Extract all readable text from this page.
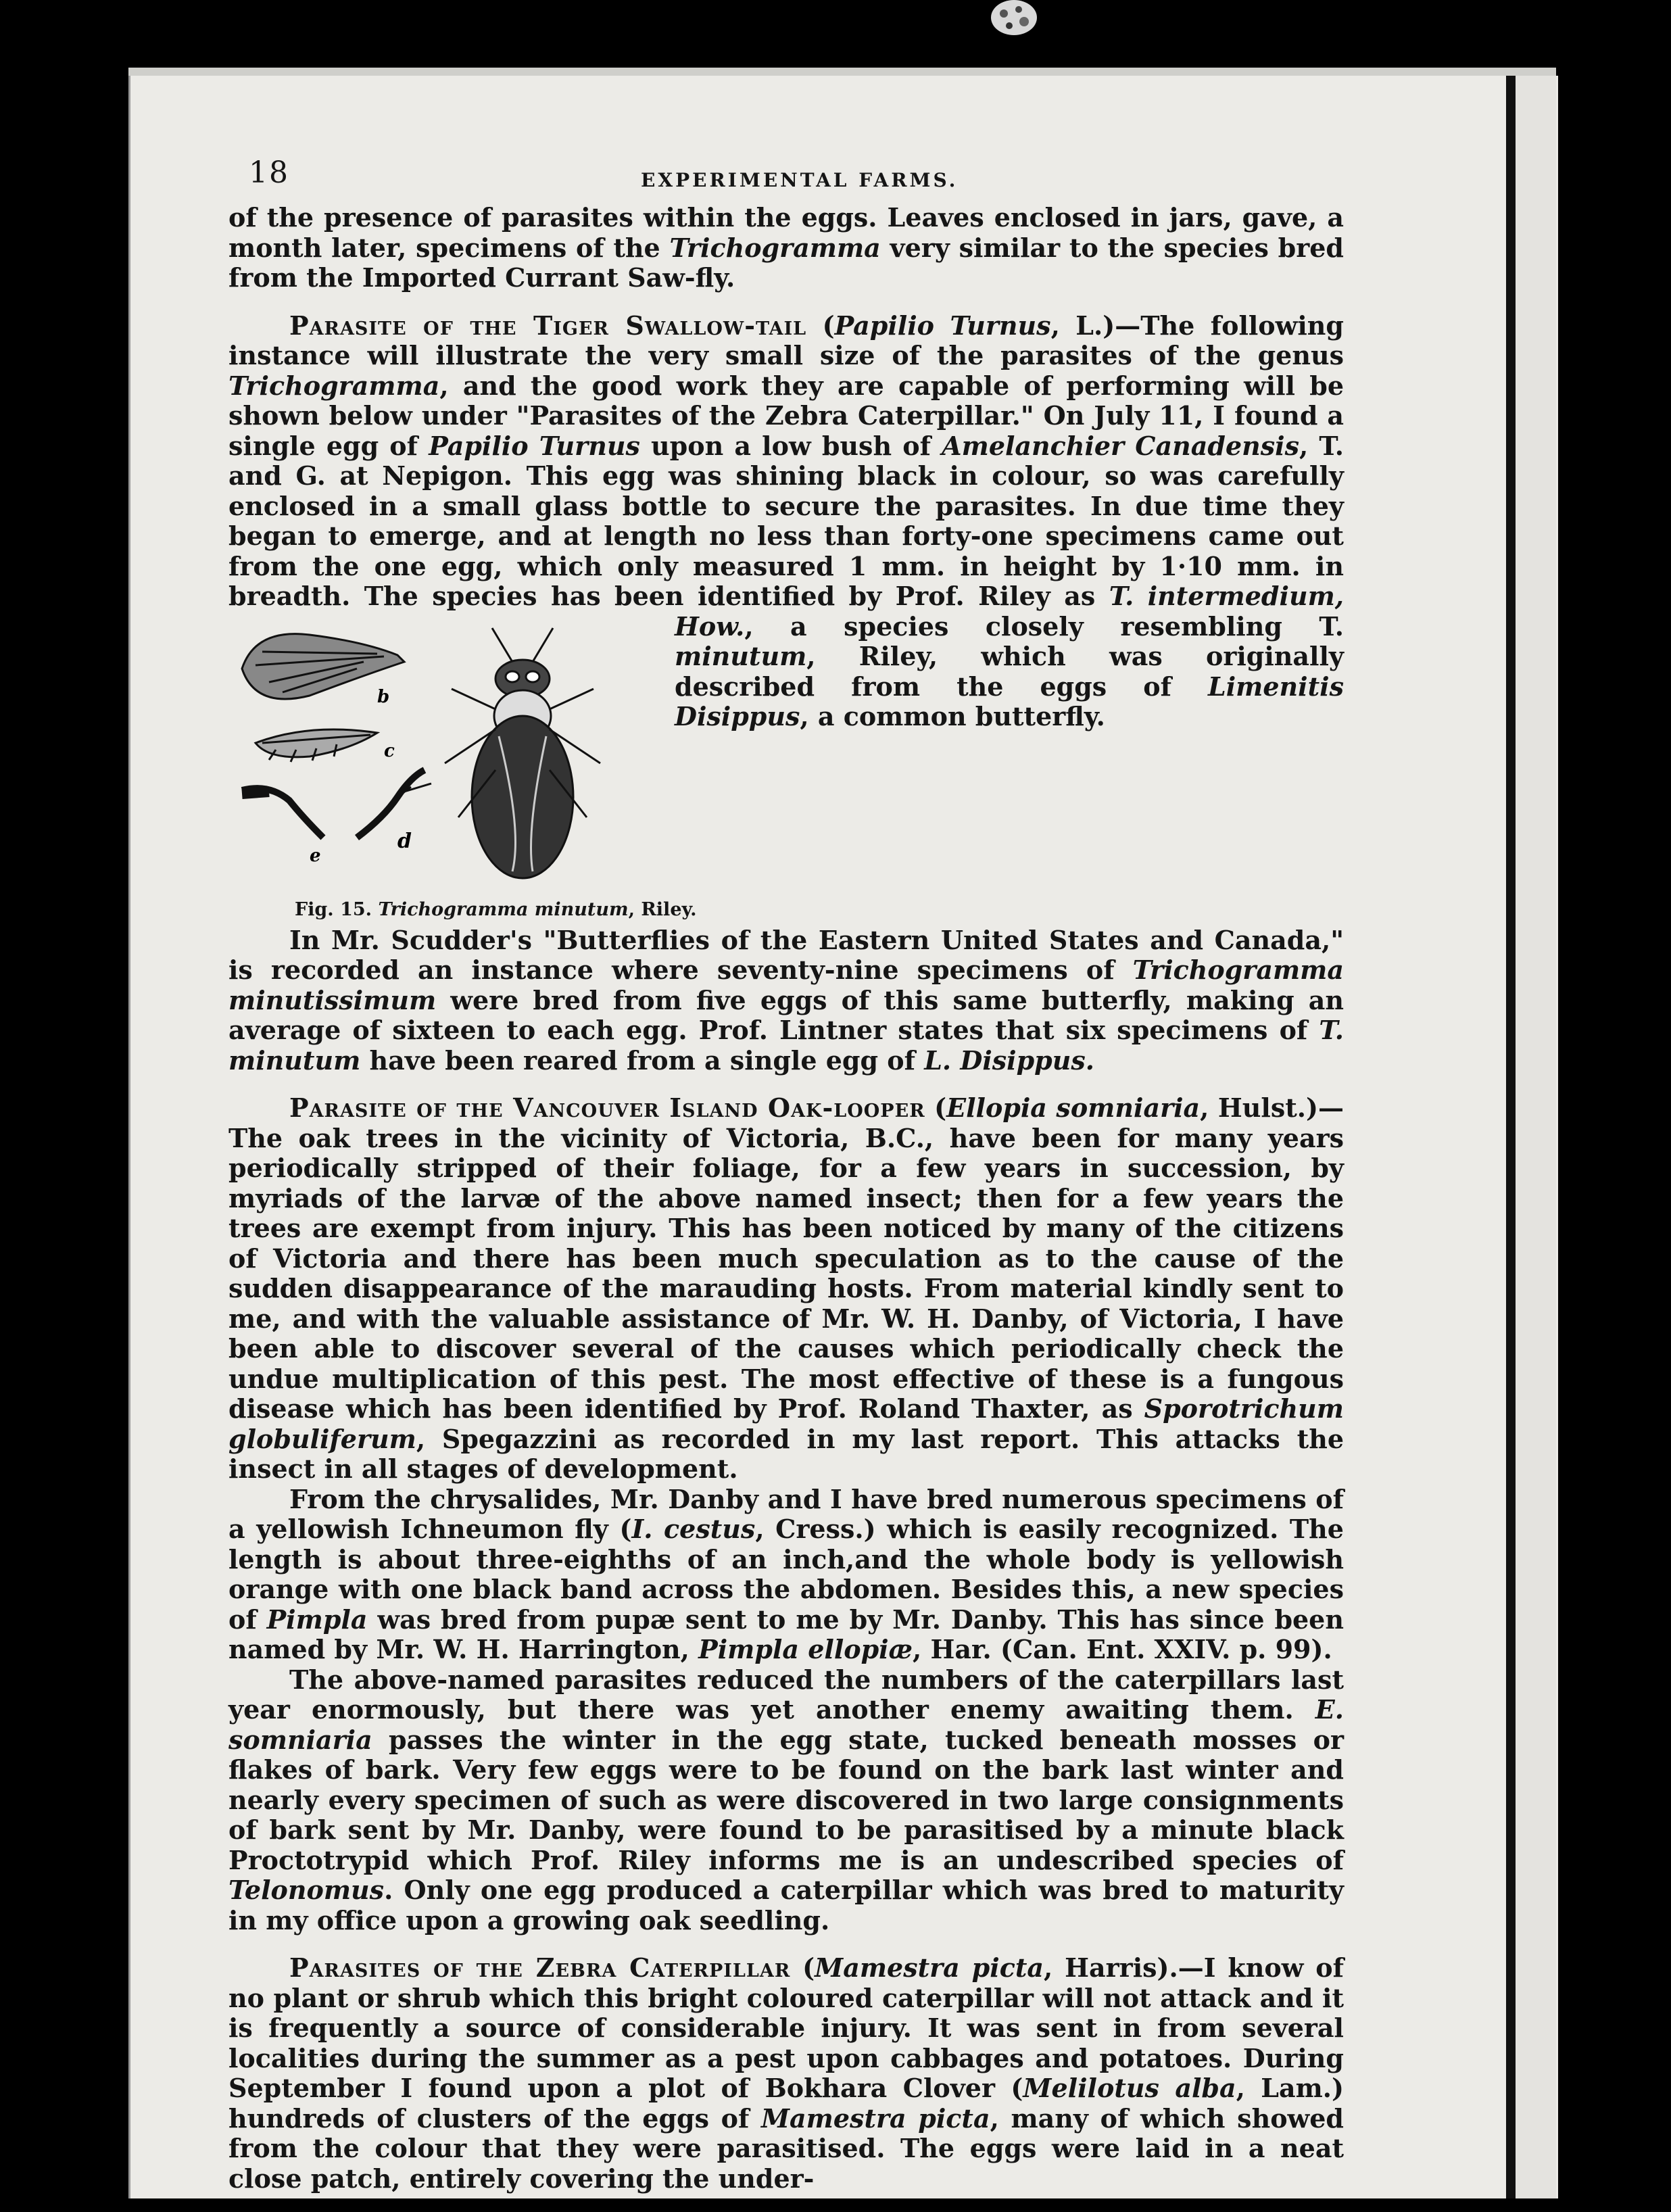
18	EXPERIMENTAL FARMS.

of the presence of parasites within the eggs. Leaves enclosed in jars, gave, a month later, specimens of the Trichogramma very similar to the species bred from the Imported Currant Saw-fly.

Parasite of the Tiger Swallow-tail (Papilio Turnus, L.)—The following instance will illustrate the very small size of the parasites of the genus Trichogramma, and the good work they are capable of performing will be shown below under "Parasites of the Zebra Caterpillar." On July 11, I found a single egg of Papilio Turnus upon a low bush of Amelanchier Canadensis, T. and G. at Nepigon. This egg was shining black in colour, so was carefully enclosed in a small glass bottle to secure the parasites. In due time they began to emerge, and at length no less than forty-one specimens came out from the one egg, which only measured 1 mm. in height by 1·10 mm. in breadth. The species has been identified by Prof. Riley as
b
c
e
d
Fig. 15. Trichogramma minutum, Riley.
T. intermedium, How., a species closely resembling T. minutum, Riley, which was originally described from the eggs of Limenitis Disippus, a common butterfly.

In Mr. Scudder's "Butterflies of the Eastern United States and Canada," is recorded an instance where seventy-nine specimens of Trichogramma minutissimum were bred from five eggs of this same butterfly, making an average of sixteen to each egg. Prof. Lintner states that six specimens of T. minutum have been reared from a single egg of L. Disippus.

Parasite of the Vancouver Island Oak-looper (Ellopia somniaria, Hulst.)—The oak trees in the vicinity of Victoria, B.C., have been for many years periodically stripped of their foliage, for a few years in succession, by myriads of the larvæ of the above named insect; then for a few years the trees are exempt from injury. This has been noticed by many of the citizens of Victoria and there has been much speculation as to the cause of the sudden disappearance of the marauding hosts. From material kindly sent to me, and with the valuable assistance of Mr. W. H. Danby, of Victoria, I have been able to discover several of the causes which periodically check the undue multiplication of this pest. The most effective of these is a fungous disease which has been identified by Prof. Roland Thaxter, as Sporotrichum globuliferum, Spegazzini as recorded in my last report. This attacks the insect in all stages of development.

From the chrysalides, Mr. Danby and I have bred numerous specimens of a yellowish Ichneumon fly (I. cestus, Cress.) which is easily recognized. The length is about three-eighths of an inch,and the whole body is yellowish orange with one black band across the abdomen. Besides this, a new species of Pimpla was bred from pupæ sent to me by Mr. Danby. This has since been named by Mr. W. H. Harrington, Pimpla ellopiæ, Har. (Can. Ent. XXIV. p. 99).

The above-named parasites reduced the numbers of the caterpillars last year enormously, but there was yet another enemy awaiting them. E. somniaria passes the winter in the egg state, tucked beneath mosses or flakes of bark. Very few eggs were to be found on the bark last winter and nearly every specimen of such as were discovered in two large consignments of bark sent by Mr. Danby, were found to be parasitised by a minute black Proctotrypid which Prof. Riley informs me is an undescribed species of Telonomus. Only one egg produced a caterpillar which was bred to maturity in my office upon a growing oak seedling.

Parasites of the Zebra Caterpillar (Mamestra picta, Harris).—I know of no plant or shrub which this bright coloured caterpillar will not attack and it is frequently a source of considerable injury. It was sent in from several localities during the summer as a pest upon cabbages and potatoes. During September I found upon a plot of Bokhara Clover (Melilotus alba, Lam.) hundreds of clusters of the eggs of Mamestra picta, many of which showed from the colour that they were parasitised. The eggs were laid in a neat close patch, entirely covering the under-
